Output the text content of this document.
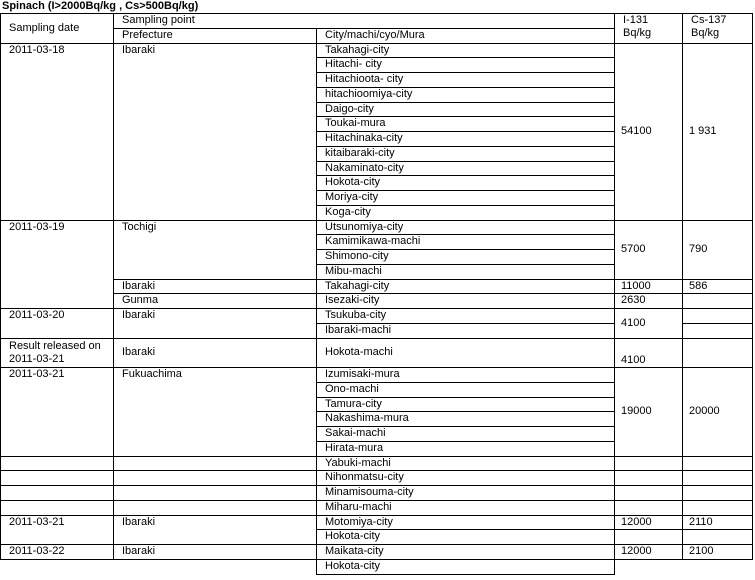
Spinach (I>2000Bq/kg , Cs>500Bq/kg)
Sampling date
Sampling point
Prefecture	City/machi/cyo/Mura
I-131
Bq/kg
Cs-137
Bq/kg
2011-03-18
2011-03-19
2011-03-20
Result released on 2011-03-21
2011-03-21
2011-03-21
2011-03-22
Ibaraki
Tochigi
Ibaraki
Gunma
Ibaraki
Ibaraki
Fukuachima
Ibaraki
Ibaraki
Takahagi-city
Hitachi- city
Hitachioota- city
hitachioomiya-city
Daigo-city
Toukai-mura
Hitachinaka-city
kitaibaraki-city
Nakaminato-city
Hokota-city
Moriya-city
Koga-city
Utsunomiya-city
Kamimikawa-machi
Shimono-city
Mibu-machi
Takahagi-city
Isezaki-city
Tsukuba-city
Ibaraki-machi
Hokota-machi
Izumisaki-mura
Ono-machi
Tamura-city
Nakashima-mura
Sakai-machi
Hirata-mura
Yabuki-machi
Nihonmatsu-city
Minamisouma-city
Miharu-machi
Motomiya-city
Hokota-city
Maikata-city
Hokota-city
54100
5700
11000
2630
4100
4100
19000
12000
12000
1 931
790
586
20000
2110
2100
